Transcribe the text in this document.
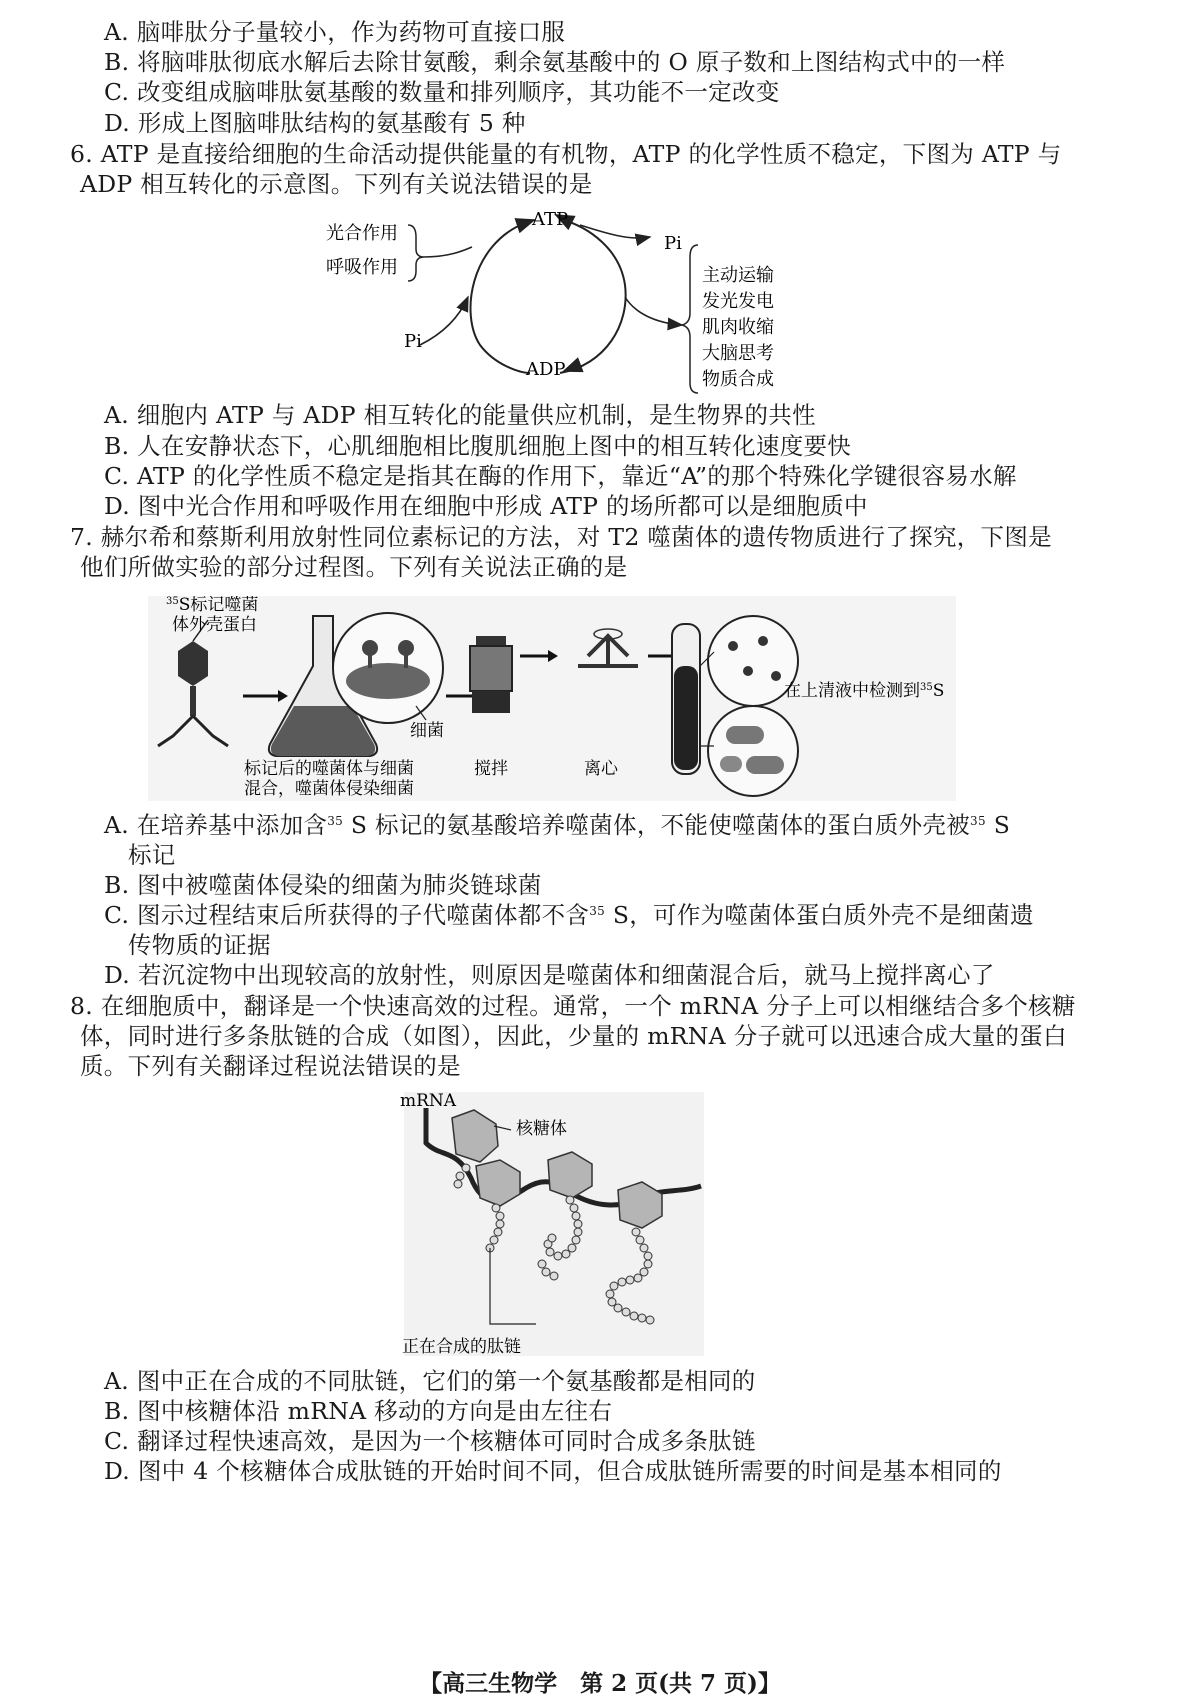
A. 脑啡肽分子量较小，作为药物可直接口服
B. 将脑啡肽彻底水解后去除甘氨酸，剩余氨基酸中的 O 原子数和上图结构式中的一样
C. 改变组成脑啡肽氨基酸的数量和排列顺序，其功能不一定改变
D. 形成上图脑啡肽结构的氨基酸有 5 种
6. ATP 是直接给细胞的生命活动提供能量的有机物，ATP 的化学性质不稳定，下图为 ATP 与
ADP 相互转化的示意图。下列有关说法错误的是
ATP
ADP
Pi
Pi
光合作用
呼吸作用	主动运输
发光发电
肌肉收缩
大脑思考
物质合成
A. 细胞内 ATP 与 ADP 相互转化的能量供应机制，是生物界的共性
B. 人在安静状态下，心肌细胞相比腹肌细胞上图中的相互转化速度要快
C. ATP 的化学性质不稳定是指其在酶的作用下，靠近“A”的那个特殊化学键很容易水解
D. 图中光合作用和呼吸作用在细胞中形成 ATP 的场所都可以是细胞质中
7. 赫尔希和蔡斯利用放射性同位素标记的方法，对 T2 噬菌体的遗传物质进行了探究，下图是
他们所做实验的部分过程图。下列有关说法正确的是
$^{35}$S标记噬菌
体外壳蛋白
细菌
标记后的噬菌体与细菌
混合，噬菌体侵染细菌
搅拌	离心
在上清液中检测到$^{35}$S
A. 在培养基中添加含$^{35}$ S 标记的氨基酸培养噬菌体，不能使噬菌体的蛋白质外壳被$^{35}$ S
标记
B. 图中被噬菌体侵染的细菌为肺炎链球菌
C. 图示过程结束后所获得的子代噬菌体都不含$^{35}$ S，可作为噬菌体蛋白质外壳不是细菌遗
传物质的证据
D. 若沉淀物中出现较高的放射性，则原因是噬菌体和细菌混合后，就马上搅拌离心了
8. 在细胞质中，翻译是一个快速高效的过程。通常，一个 mRNA 分子上可以相继结合多个核糖
体，同时进行多条肽链的合成（如图），因此，少量的 mRNA 分子就可以迅速合成大量的蛋白
质。下列有关翻译过程说法错误的是
mRNA
核糖体
正在合成的肽链
A. 图中正在合成的不同肽链，它们的第一个氨基酸都是相同的
B. 图中核糖体沿 mRNA 移动的方向是由左往右
C. 翻译过程快速高效，是因为一个核糖体可同时合成多条肽链
D. 图中 4 个核糖体合成肽链的开始时间不同，但合成肽链所需要的时间是基本相同的
【高三生物学　第 2 页(共 7 页)】
